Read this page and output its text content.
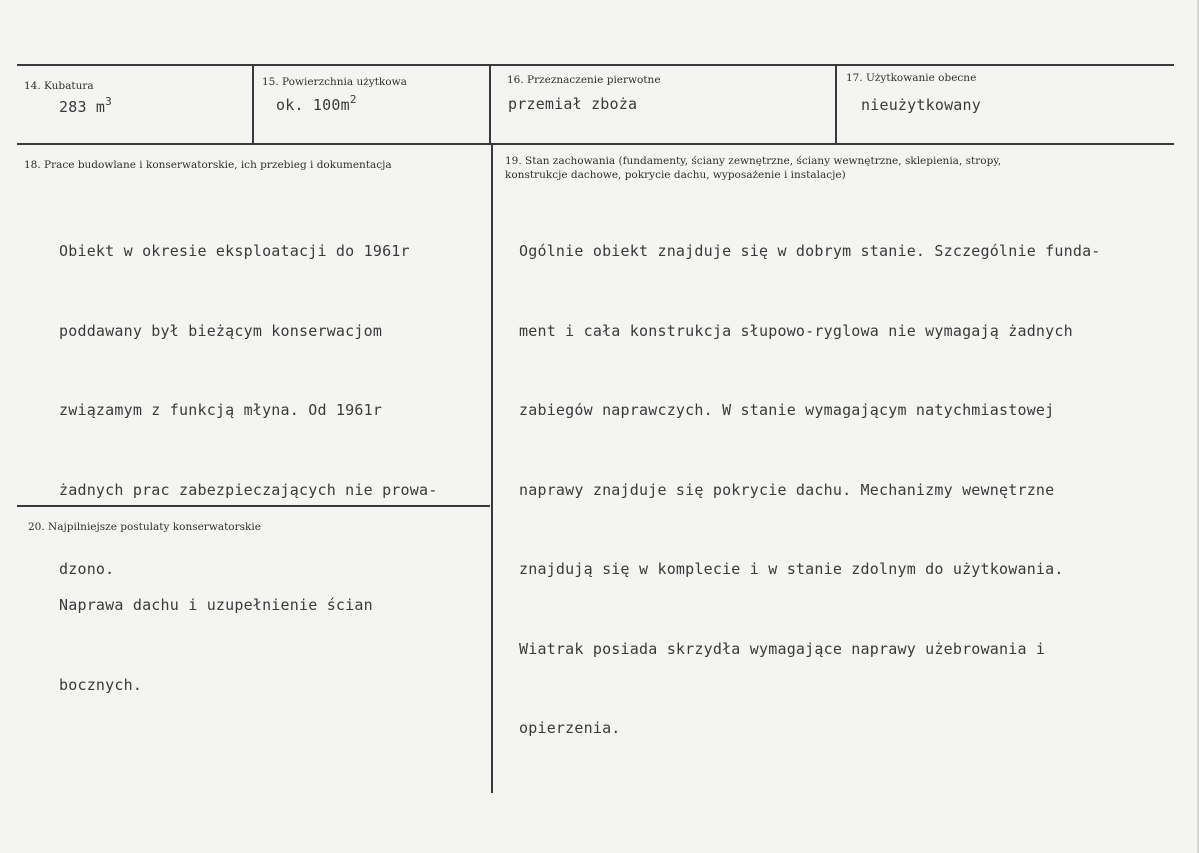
14. Kubatura
283 $m^3$
15. Powierzchnia użytkowa
ok. $100m^2$
16. Przeznaczenie pierwotne
przemiał zboża
17. Użytkowanie obecne
nieużytkowany
18. Prace budowlane i konserwatorskie, ich przebieg i dokumentacja

Obiekt w okresie eksploatacji do 1961r

poddawany był bieżącym konserwacjom

związamym z funkcją młyna. Od 1961r

żadnych prac zabezpieczających nie prowa-

dzono.

19. Stan zachowania (fundamenty, ściany zewnętrzne, ściany wewnętrzne, sklepienia, stropy,
konstrukcje dachowe, pokrycie dachu, wyposażenie i instalacje)

Ogólnie obiekt znajduje się w dobrym stanie. Szczególnie funda-

ment i cała konstrukcja słupowo-ryglowa nie wymagają żadnych

zabiegów naprawczych. W stanie wymagającym natychmiastowej

naprawy znajduje się pokrycie dachu. Mechanizmy wewnętrzne

znajdują się w komplecie i w stanie zdolnym do użytkowania.

Wiatrak posiada skrzydła wymagające naprawy użebrowania i

opierzenia.

20. Najpilniejsze postulaty konserwatorskie

Naprawa dachu i uzupełnienie ścian

bocznych.
